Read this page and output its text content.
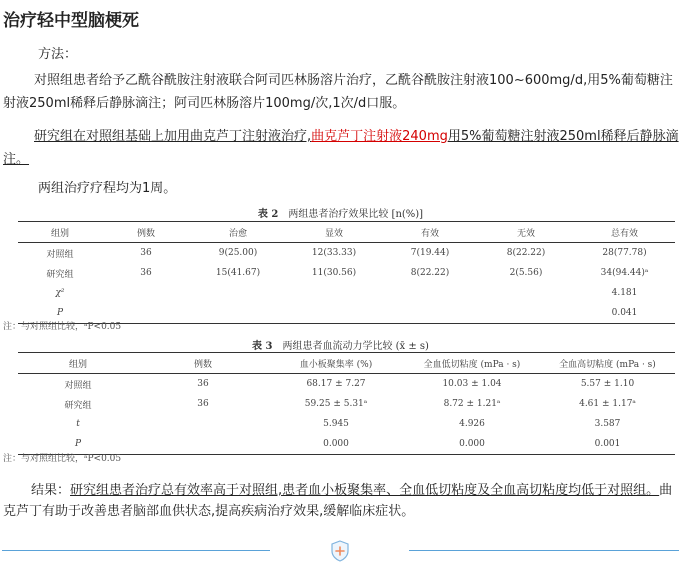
治疗轻中型脑梗死
方法：
对照组患者给予乙酰谷酰胺注射液联合阿司匹林肠溶片治疗，乙酰谷酰胺注射液100~600mg/d,用5%葡萄糖注射液250ml稀释后静脉滴注；阿司匹林肠溶片100mg/次,1次/d口服。
研究组在对照组基础上加用曲克芦丁注射液治疗,曲克芦丁注射液240mg用5%葡萄糖注射液250ml稀释后静脉滴注。
两组治疗疗程均为1周。
表 2 两组患者治疗效果比较 [n(%)]
组别	例数	治愈	显效	有效	无效	总有效
对照组	36	9(25.00)	12(33.33)	7(19.44)	8(22.22)	28(77.78)
研究组	36	15(41.67)	11(30.56)	8(22.22)	2(5.56)	34(94.44)ᵃ
χ²						4.181
P						0.041
注：与对照组比较，ᵃP<0.05
表 3 两组患者血流动力学比较 (x̄ ± s)
组别	例数	血小板聚集率 (%)	全血低切粘度 (mPa · s)	全血高切粘度 (mPa · s)
对照组	36	68.17 ± 7.27	10.03 ± 1.04	5.57 ± 1.10
研究组	36	59.25 ± 5.31ᵃ	8.72 ± 1.21ᵃ	4.61 ± 1.17ᵃ
t		5.945	4.926	3.587
P		0.000	0.000	0.001
注：与对照组比较，ᵃP<0.05
结果：研究组患者治疗总有效率高于对照组,患者血小板聚集率、全血低切粘度及全血高切粘度均低于对照组。曲克芦丁有助于改善患者脑部血供状态,提高疾病治疗效果,缓解临床症状。
